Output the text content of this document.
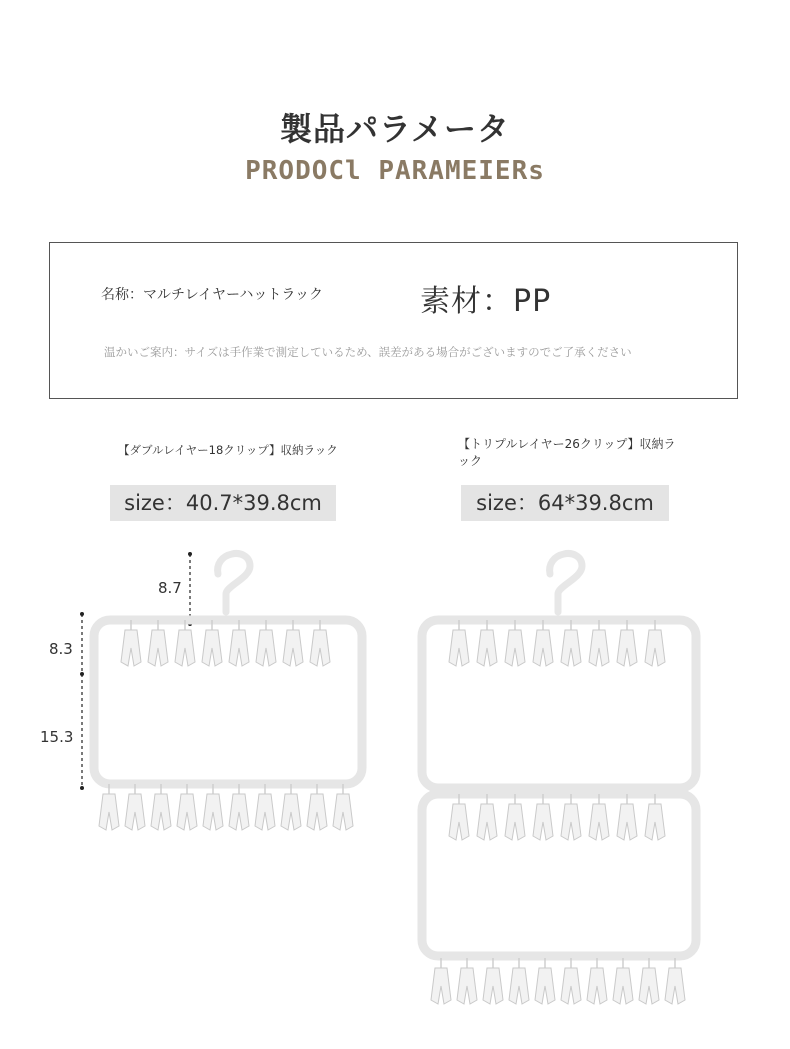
製品パラメータ
PRODOCl PARAMEIERs
名称：マルチレイヤーハットラック	素材：PP
温かいご案内：サイズは手作業で測定しているため、誤差がある場合がございますのでご了承ください
【ダブルレイヤー18クリップ】収納ラック	【トリプルレイヤー26クリップ】収納ラック
size：40.7*39.8cm	size：64*39.8cm
8.7
8.3
15.3
